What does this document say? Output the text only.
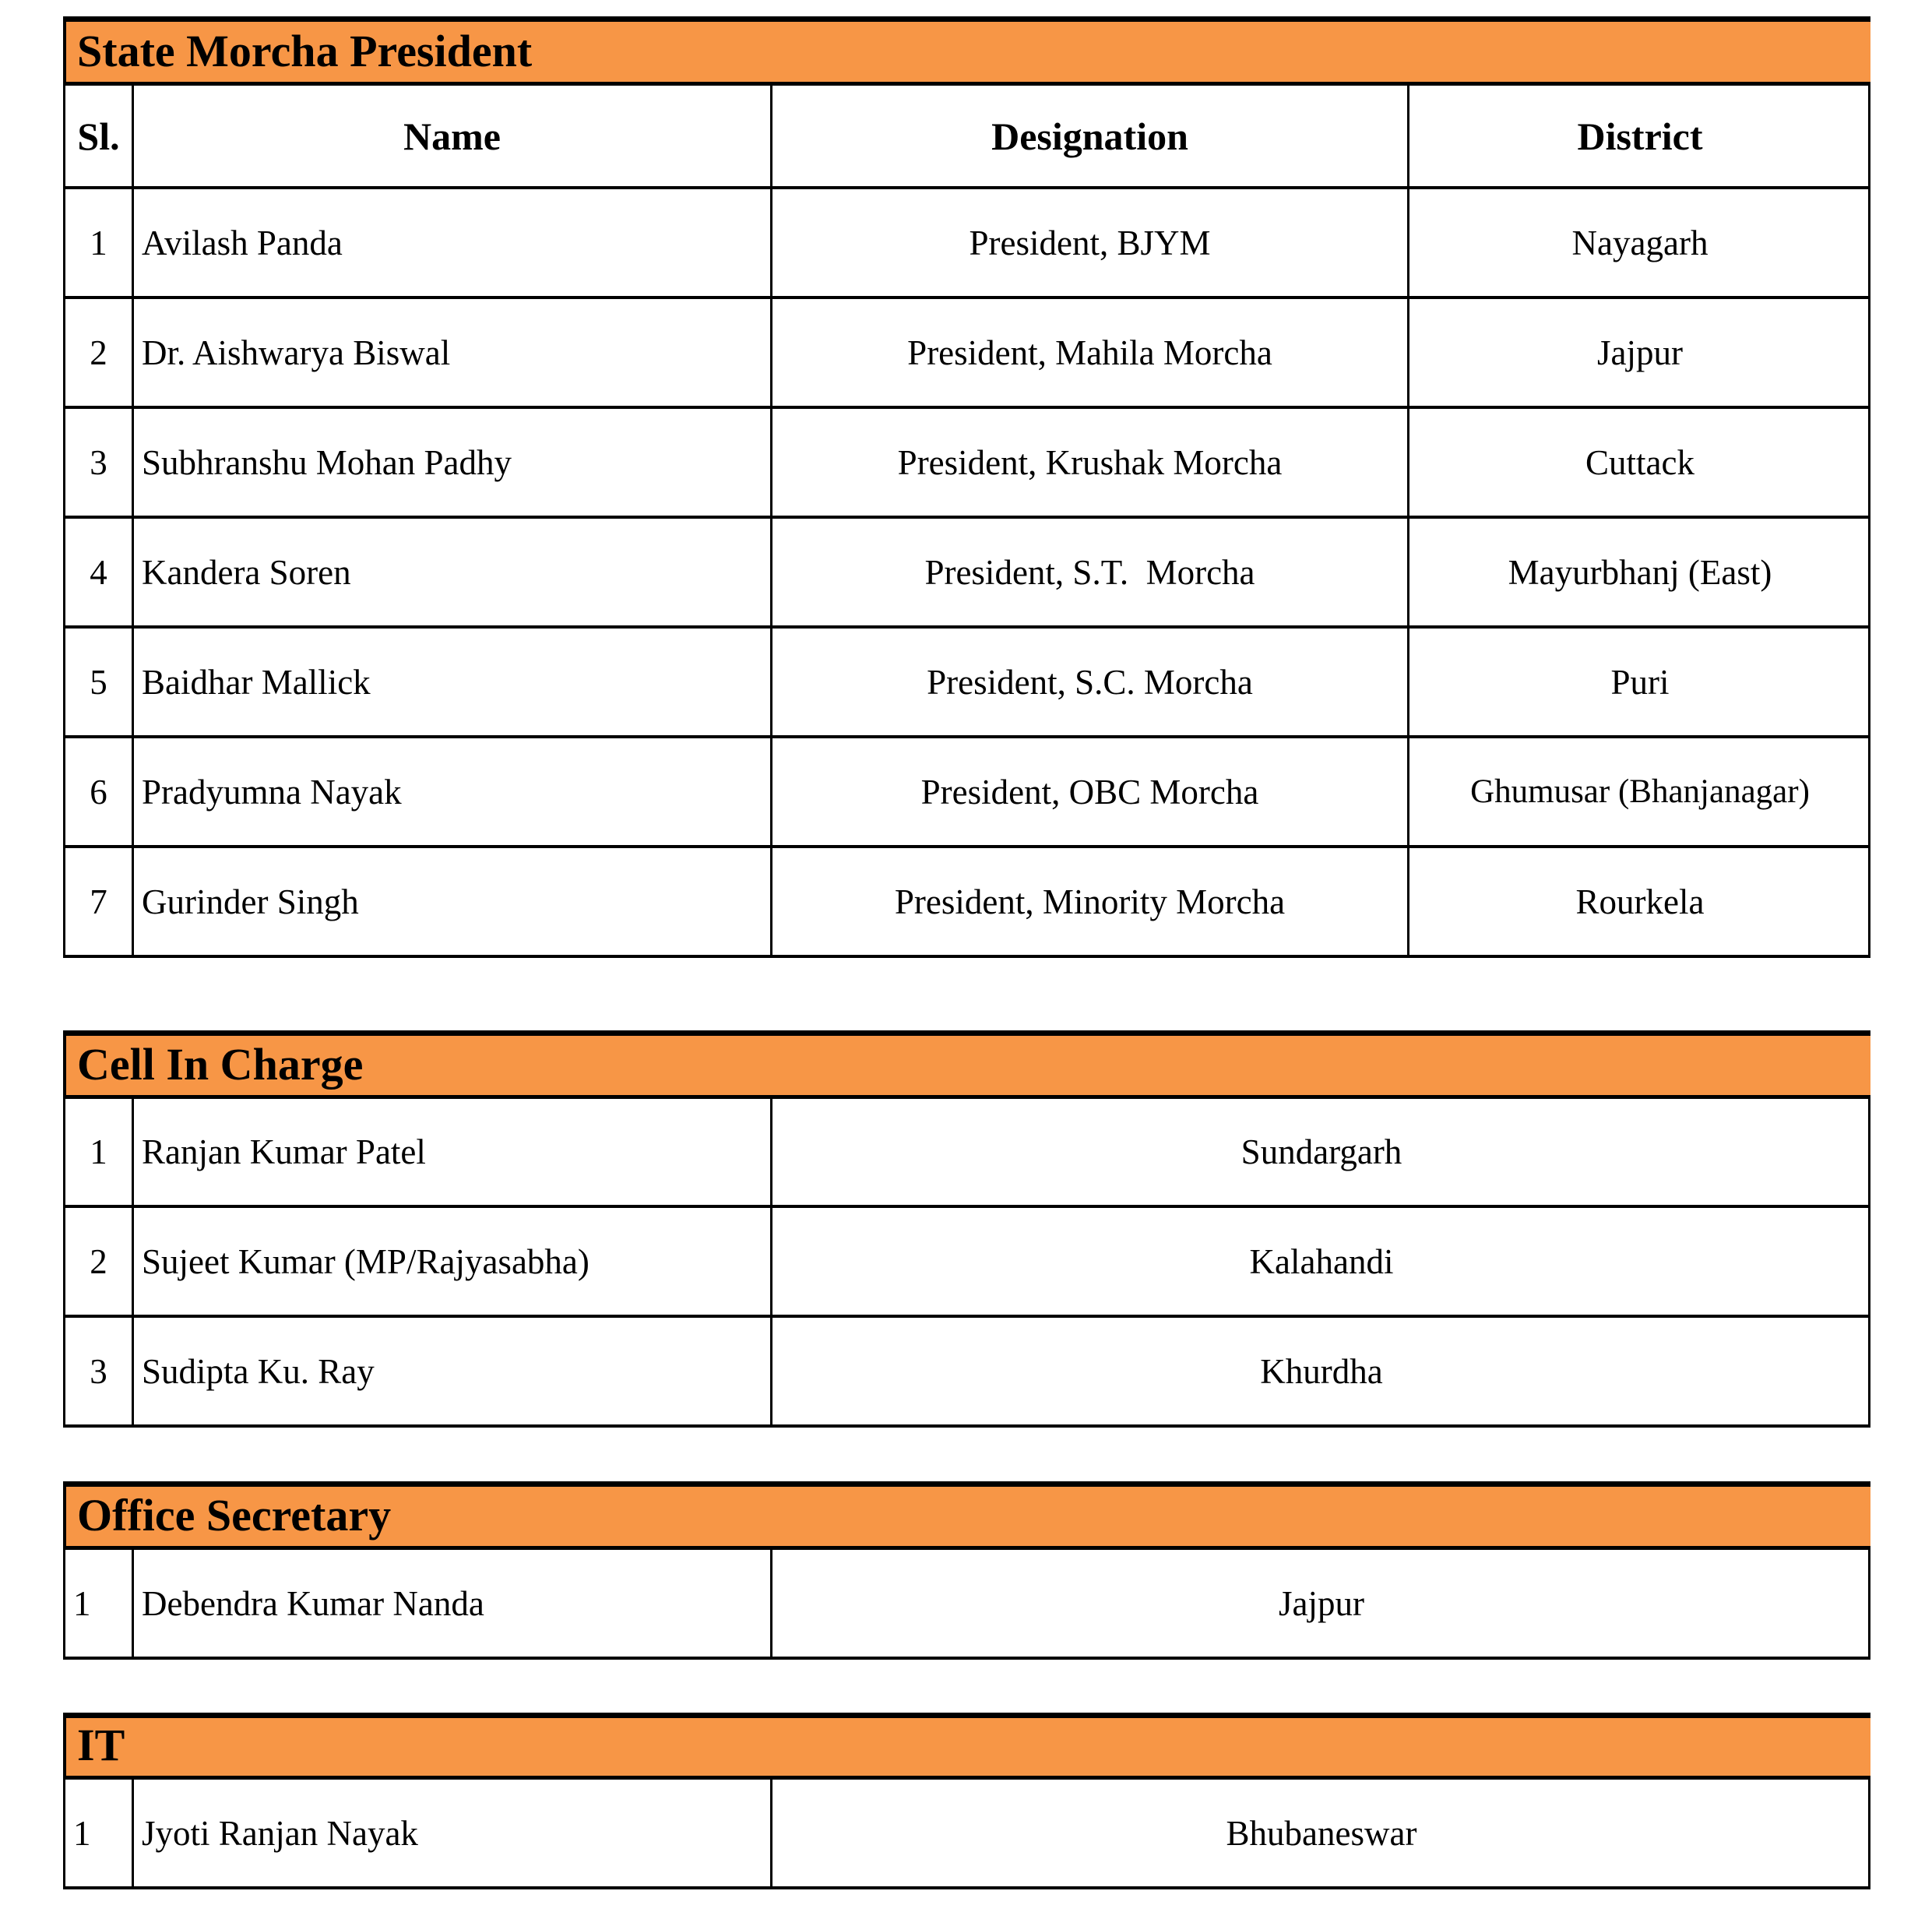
State Morcha President
Sl.	Name	Designation	District
1 Avilash Panda	President, BJYM	Nayagarh
2 Dr. Aishwarya Biswal	President, Mahila Morcha	Jajpur
3 Subhranshu Mohan Padhy	President, Krushak Morcha	Cuttack
4 Kandera Soren	President, S.T.  Morcha	Mayurbhanj (East)
5 Baidhar Mallick	President, S.C. Morcha	Puri
6 Pradyumna Nayak	President, OBC Morcha	Ghumusar (Bhanjanagar)
7 Gurinder Singh	President, Minority Morcha	Rourkela
Cell In Charge
1 Ranjan Kumar Patel	Sundargarh
2 Sujeet Kumar (MP/Rajyasabha)	Kalahandi
3 Sudipta Ku. Ray	Khurdha
Office Secretary
1	Debendra Kumar Nanda	Jajpur
IT
1	Jyoti Ranjan Nayak	Bhubaneswar
